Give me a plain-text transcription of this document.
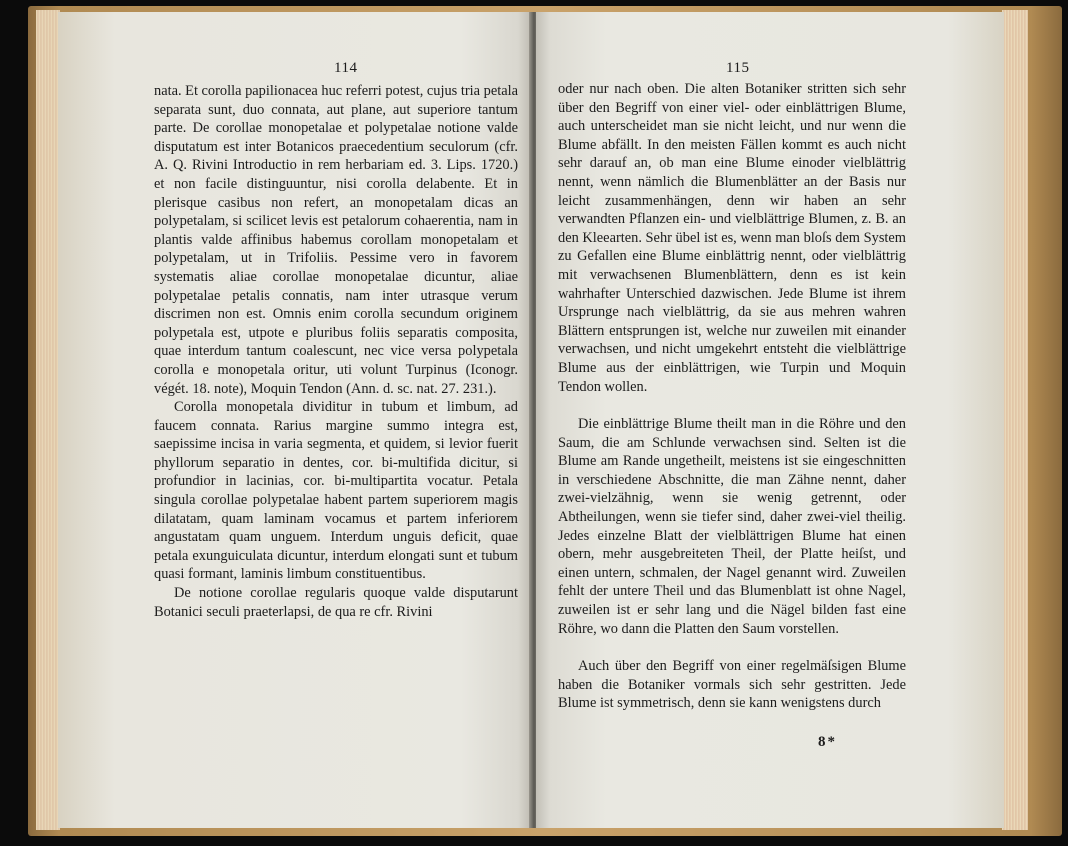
114

nata. Et corolla papilionacea huc referri potest, cujus tria petala separata sunt, duo connata, aut plane, aut superiore tantum parte. De corollae monopetalae et polypetalae notione valde disputatum est inter Botanicos praecedentium seculorum (cfr. A. Q. Rivini Introductio in rem herbariam ed. 3. Lips. 1720.) et non facile distinguuntur, nisi corolla delabente. Et in plerisque casibus non refert, an monopetalam dicas an polypetalam, si scilicet levis est petalorum cohaerentia, nam in plantis valde affinibus habemus corollam monopetalam et polypetalam, ut in Trifoliis. Pessime vero in favorem systematis aliae corollae monopetalae dicuntur, aliae polypetalae petalis connatis, nam inter utrasque verum discrimen non est. Omnis enim corolla secundum originem polypetala est, utpote e pluribus foliis separatis composita, quae interdum tantum coalescunt, nec vice versa polypetala corolla e monopetala oritur, uti volunt Turpinus (Iconogr. végét. 18. note), Moquin Tendon (Ann. d. sc. nat. 27. 231.).

Corolla monopetala dividitur in tubum et limbum, ad faucem connata. Rarius margine summo integra est, saepissime incisa in varia segmenta, et quidem, si levior fuerit phyllorum separatio in dentes, cor. bi-multifida dicitur, si profundior in lacinias, cor. bi-multipartita vocatur. Petala singula corollae polypetalae habent partem superiorem magis dilatatam, quam laminam vocamus et partem inferiorem angustatam quam unguem. Interdum unguis deficit, quae petala exunguiculata dicuntur, interdum elongati sunt et tubum quasi formant, laminis limbum constituentibus.

De notione corollae regularis quoque valde disputarunt Botanici seculi praeterlapsi, de qua re cfr. Rivini

115

oder nur nach oben. Die alten Botaniker stritten sich sehr über den Begriff von einer viel- oder einblättrigen Blume, auch unterscheidet man sie nicht leicht, und nur wenn die Blume abfällt. In den meisten Fällen kommt es auch nicht sehr darauf an, ob man eine Blume einoder vielblättrig nennt, wenn nämlich die Blumenblätter an der Basis nur leicht zusammenhängen, denn wir haben an sehr verwandten Pflanzen ein- und vielblättrige Blumen, z. B. an den Kleearten. Sehr übel ist es, wenn man bloſs dem System zu Gefallen eine Blume einblättrig nennt, oder vielblättrig mit verwachsenen Blumenblättern, denn es ist kein wahrhafter Unterschied dazwischen. Jede Blume ist ihrem Ursprunge nach vielblättrig, da sie aus mehren wahren Blättern entsprungen ist, welche nur zuweilen mit einander verwachsen, und nicht umgekehrt entsteht die vielblättrige Blume aus der einblättrigen, wie Turpin und Moquin Tendon wollen.

Die einblättrige Blume theilt man in die Röhre und den Saum, die am Schlunde verwachsen sind. Selten ist die Blume am Rande ungetheilt, meistens ist sie eingeschnitten in verschiedene Abschnitte, die man Zähne nennt, daher zwei-vielzähnig, wenn sie wenig getrennt, oder Abtheilungen, wenn sie tiefer sind, daher zwei-viel theilig. Jedes einzelne Blatt der vielblättrigen Blume hat einen obern, mehr ausgebreiteten Theil, der Platte heiſst, und einen untern, schmalen, der Nagel genannt wird. Zuweilen fehlt der untere Theil und das Blumenblatt ist ohne Nagel, zuweilen ist er sehr lang und die Nägel bilden fast eine Röhre, wo dann die Platten den Saum vorstellen.

Auch über den Begriff von einer regelmäſsigen Blume haben die Botaniker vormals sich sehr gestritten. Jede Blume ist symmetrisch, denn sie kann wenigstens durch

8*
